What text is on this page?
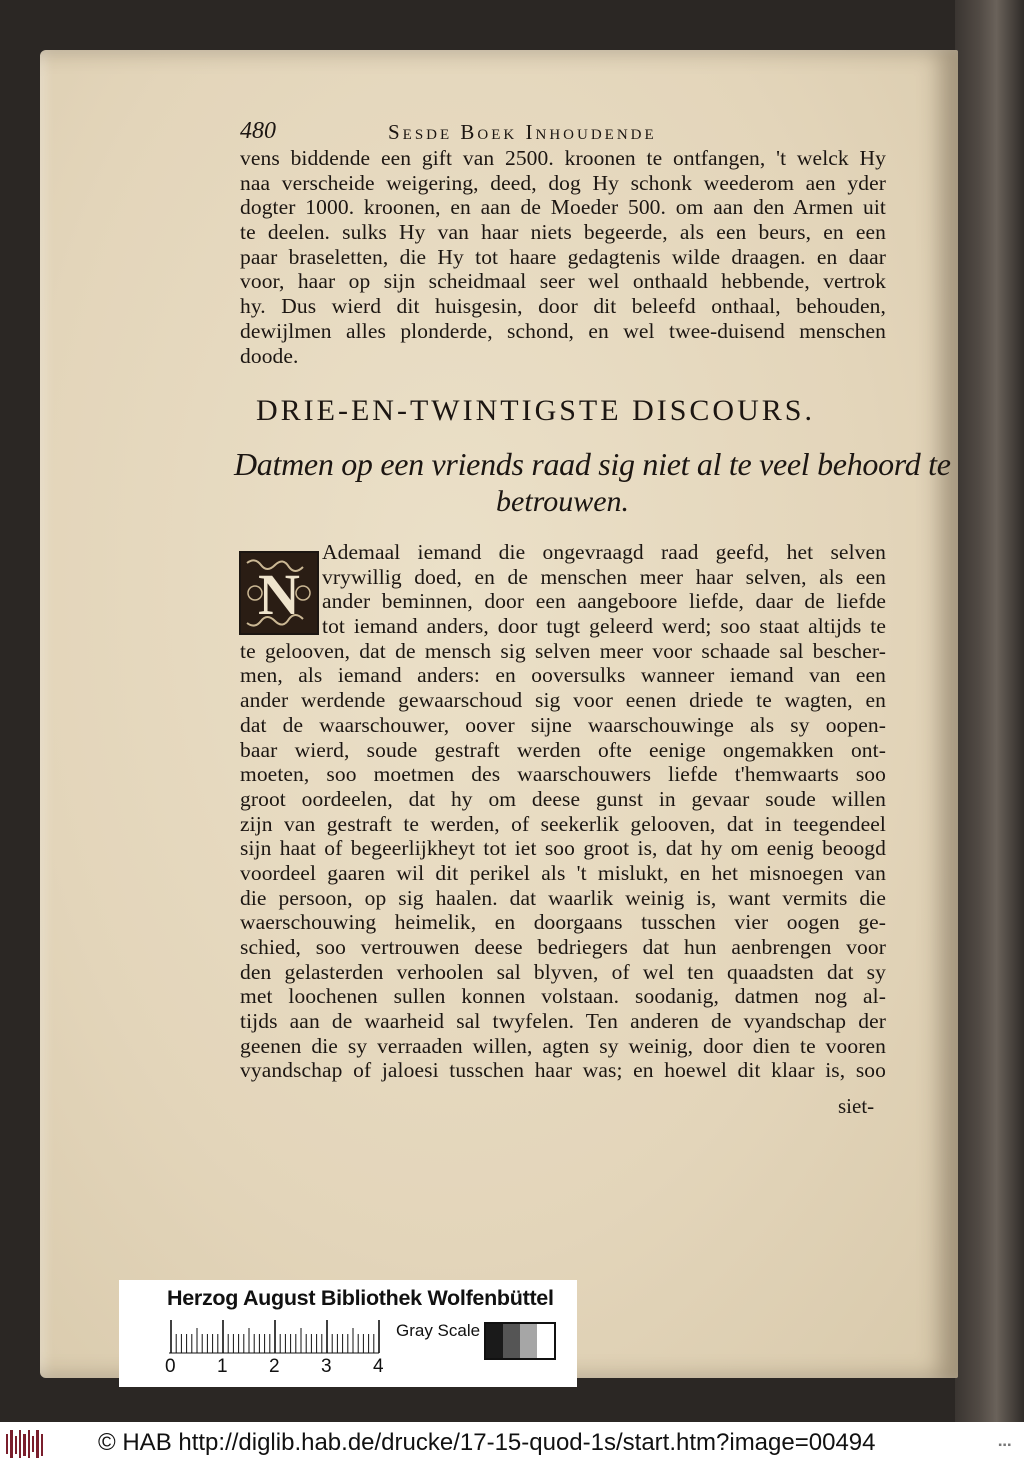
480	Sesde Boek Inhoudende
vens biddende een gift van 2500. kroonen te ontfangen, 't welck Hy
naa verscheide weigering, deed, dog Hy schonk weederom aen yder
dogter 1000. kroonen, en aan de Moeder 500. om aan den Armen uit
te deelen. sulks Hy van haar niets begeerde, als een beurs, en een
paar braseletten, die Hy tot haare gedagtenis wilde draagen. en daar
voor, haar op sijn scheidmaal seer wel onthaald hebbende, vertrok
hy. Dus wierd dit huisgesin, door dit beleefd onthaal, behouden,
dewijlmen alles plonderde, schond, en wel twee-duisend menschen
doode.
DRIE-EN-TWINTIGSTE DISCOURS.
Datmen op een vriends raad sig niet al te veel behoord te
betrouwen.
N
Ademaal iemand die ongevraagd raad geefd, het selven
vrywillig doed, en de menschen meer haar selven, als een
ander beminnen, door een aangeboore liefde, daar de liefde
tot iemand anders, door tugt geleerd werd; soo staat altijds te
te gelooven, dat de mensch sig selven meer voor schaade sal bescher-
men, als iemand anders: en ooversulks wanneer iemand van een
ander werdende gewaarschoud sig voor eenen driede te wagten, en
dat de waarschouwer, oover sijne waarschouwinge als sy oopen-
baar wierd, soude gestraft werden ofte eenige ongemakken ont-
moeten, soo moetmen des waarschouwers liefde t'hemwaarts soo
groot oordeelen, dat hy om deese gunst in gevaar soude willen
zijn van gestraft te werden, of seekerlik gelooven, dat in teegendeel
sijn haat of begeerlijkheyt tot iet soo groot is, dat hy om eenig beoogd
voordeel gaaren wil dit perikel als 't mislukt, en het misnoegen van
die persoon, op sig haalen. dat waarlik weinig is, want vermits die
waerschouwing heimelik, en doorgaans tusschen vier oogen ge-
schied, soo vertrouwen deese bedriegers dat hun aenbrengen voor
den gelasterden verhoolen sal blyven, of wel ten quaadsten dat sy
met loochenen sullen konnen volstaan. soodanig, datmen nog al-
tijds aan de waarheid sal twyfelen. Ten anderen de vyandschap der
geenen die sy verraaden willen, agten sy weinig, door dien te vooren
vyandschap of jaloesi tusschen haar was; en hoewel dit klaar is, soo
siet-
Herzog August Bibliothek Wolfenbüttel
0 1 2 3 4
Gray Scale
© HAB http://diglib.hab.de/drucke/17-15-quod-1s/start.htm?image=00494	▪▪▪
